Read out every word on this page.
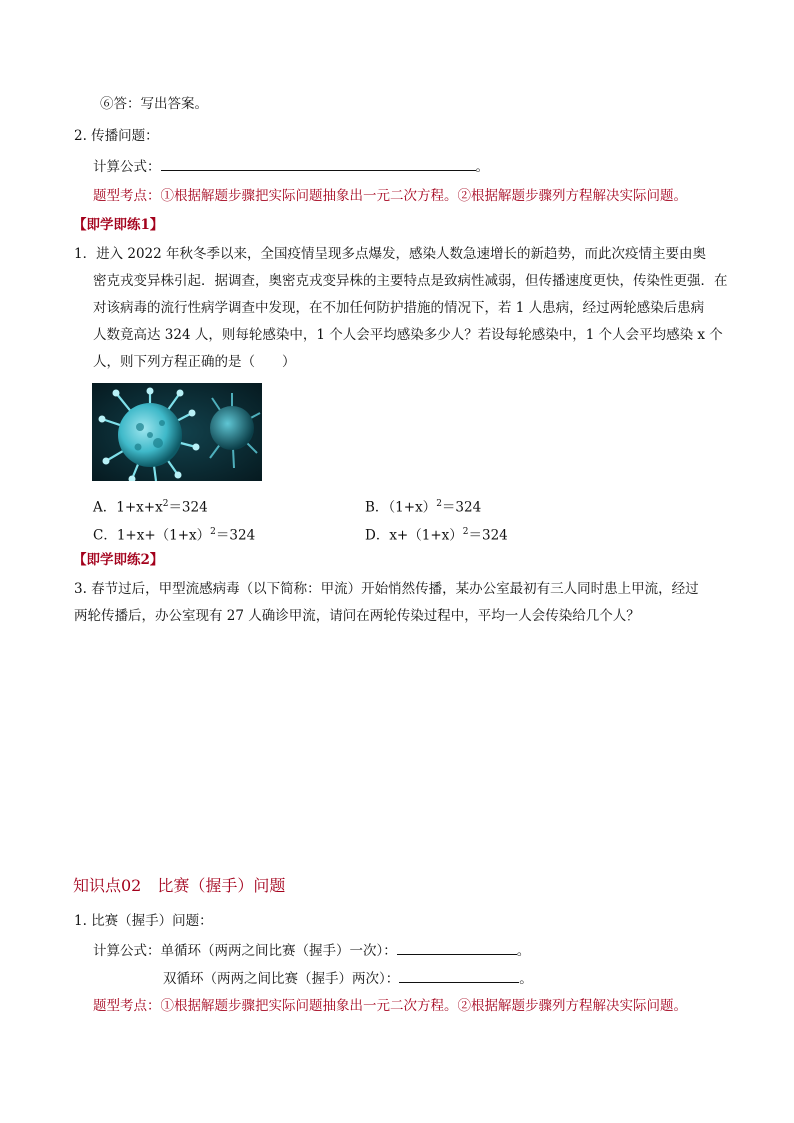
⑥答：写出答案。
2. 传播问题：
计算公式：	。
题型考点：①根据解题步骤把实际问题抽象出一元二次方程。②根据解题步骤列方程解决实际问题。
【即学即练1】
1．进入 2022 年秋冬季以来，全国疫情呈现多点爆发，感染人数急速增长的新趋势，而此次疫情主要由奥
密克戎变异株引起．据调查，奥密克戎变异株的主要特点是致病性减弱，但传播速度更快，传染性更强．在
对该病毒的流行性病学调查中发现，在不加任何防护措施的情况下，若 1 人患病，经过两轮感染后患病
人数竟高达 324 人，则每轮感染中，1 个人会平均感染多少人？若设每轮感染中，1 个人会平均感染 x 个
人，则下列方程正确的是（　　）
A．$1+x+x^2=324$	B．$(1+x)^2=324$
C．$1+x+(1+x)^2=324$	D．$x+(1+x)^2=324$
【即学即练2】
3. 春节过后，甲型流感病毒（以下简称：甲流）开始悄然传播，某办公室最初有三人同时患上甲流，经过
两轮传播后，办公室现有 27 人确诊甲流，请问在两轮传染过程中，平均一人会传染给几个人？
知识点02　比赛（握手）问题
1. 比赛（握手）问题：
计算公式：单循环（两两之间比赛（握手）一次）：	。
双循环（两两之间比赛（握手）两次）：	。
题型考点：①根据解题步骤把实际问题抽象出一元二次方程。②根据解题步骤列方程解决实际问题。
